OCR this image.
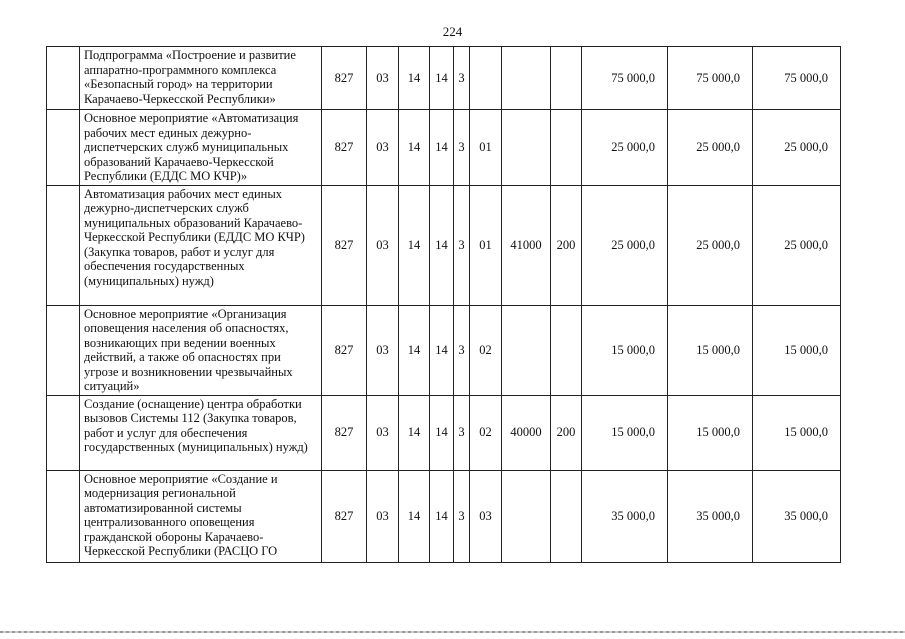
224
	Подпрограмма «Построение и развитие аппаратно-программного комплекса «Безопасный город» на территории Карачаево-Черкесской Республики»	827	03	14	14	3				75 000,0	75 000,0	75 000,0
	Основное мероприятие «Автоматизация рабочих мест единых дежурно-диспетчерских служб муниципальных образований Карачаево-Черкесской Республики (ЕДДС МО КЧР)»	827	03	14	14	3	01			25 000,0	25 000,0	25 000,0
	Автоматизация рабочих мест единых дежурно-диспетчерских служб муниципальных образований Карачаево-Черкесской Республики (ЕДДС МО КЧР) (Закупка товаров, работ и услуг для обеспечения государственных (муниципальных) нужд)	827	03	14	14	3	01	41000	200	25 000,0	25 000,0	25 000,0
	Основное мероприятие «Организация оповещения населения об опасностях, возникающих при ведении военных действий, а также об опасностях при угрозе и возникновении чрезвычайных ситуаций»	827	03	14	14	3	02			15 000,0	15 000,0	15 000,0
	Создание (оснащение) центра обработки вызовов Системы 112 (Закупка товаров, работ и услуг для обеспечения государственных (муниципальных) нужд)	827	03	14	14	3	02	40000	200	15 000,0	15 000,0	15 000,0
	Основное мероприятие «Создание и модернизация региональной автоматизированной системы централизованного оповещения гражданской обороны Карачаево-Черкесской Республики (РАСЦО ГО	827	03	14	14	3	03			35 000,0	35 000,0	35 000,0
